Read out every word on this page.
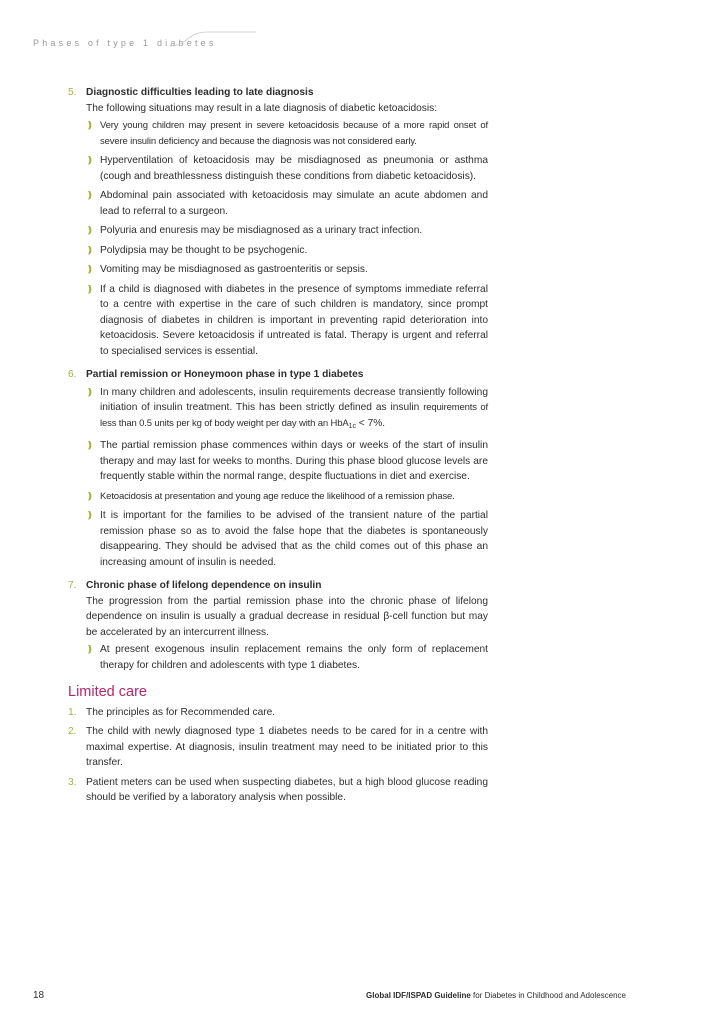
Phases of type 1 diabetes
5. Diagnostic difficulties leading to late diagnosis
The following situations may result in a late diagnosis of diabetic ketoacidosis:
❫ Very young children may present in severe ketoacidosis because of a more rapid onset of severe insulin deficiency and because the diagnosis was not considered early.
❫ Hyperventilation of ketoacidosis may be misdiagnosed as pneumonia or asthma (cough and breathlessness distinguish these conditions from diabetic ketoacidosis).
❫ Abdominal pain associated with ketoacidosis may simulate an acute abdomen and lead to referral to a surgeon.
❫ Polyuria and enuresis may be misdiagnosed as a urinary tract infection.
❫ Polydipsia may be thought to be psychogenic.
❫ Vomiting may be misdiagnosed as gastroenteritis or sepsis.
❫ If a child is diagnosed with diabetes in the presence of symptoms immediate referral to a centre with expertise in the care of such children is mandatory, since prompt diagnosis of diabetes in children is important in preventing rapid deterioration into ketoacidosis. Severe ketoacidosis if untreated is fatal. Therapy is urgent and referral to specialised services is essential.
6. Partial remission or Honeymoon phase in type 1 diabetes
❫ In many children and adolescents, insulin requirements decrease transiently following initiation of insulin treatment. This has been strictly defined as insulin requirements of less than 0.5 units per kg of body weight per day with an HbA$_{1c}$ < 7%.
❫ The partial remission phase commences within days or weeks of the start of insulin therapy and may last for weeks to months. During this phase blood glucose levels are frequently stable within the normal range, despite fluctuations in diet and exercise.
❫ Ketoacidosis at presentation and young age reduce the likelihood of a remission phase.
❫ It is important for the families to be advised of the transient nature of the partial remission phase so as to avoid the false hope that the diabetes is spontaneously disappearing. They should be advised that as the child comes out of this phase an increasing amount of insulin is needed.
7. Chronic phase of lifelong dependence on insulin
The progression from the partial remission phase into the chronic phase of lifelong dependence on insulin is usually a gradual decrease in residual β-cell function but may be accelerated by an intercurrent illness.
❫ At present exogenous insulin replacement remains the only form of replacement therapy for children and adolescents with type 1 diabetes.
Limited care
1. The principles as for Recommended care.
2. The child with newly diagnosed type 1 diabetes needs to be cared for in a centre with maximal expertise. At diagnosis, insulin treatment may need to be initiated prior to this transfer.
3. Patient meters can be used when suspecting diabetes, but a high blood glucose reading should be verified by a laboratory analysis when possible.
18	Global IDF/ISPAD Guideline for Diabetes in Childhood and Adolescence
